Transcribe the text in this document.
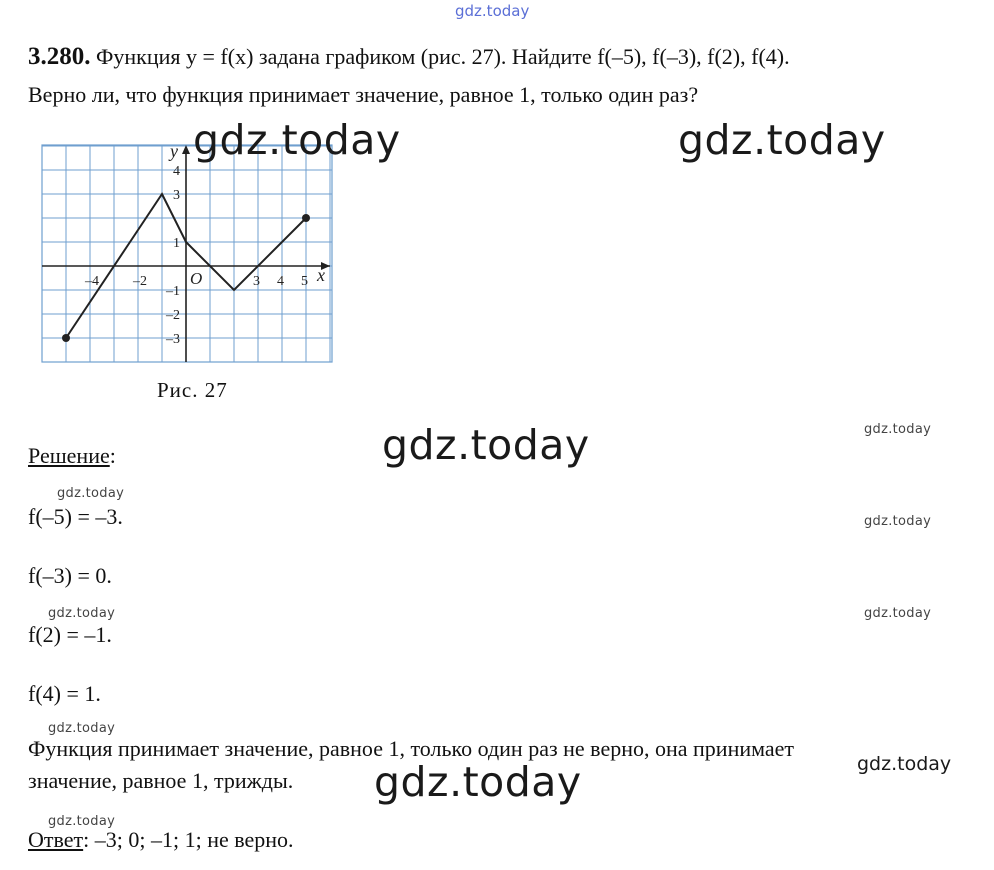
gdz.today
3.280. Функция y = f(x) задана графиком (рис. 27). Найдите f(–5), f(–3), f(2), f(4).
Верно ли, что функция принимает значение, равное 1, только один раз?
x
y
O
–4 –2	3 4 5
4
3
1
–1
–2
–3
Рис. 27
gdz.today	gdz.today
gdz.today
gdz.today
gdz.today
gdz.today
gdz.today
gdz.today	gdz.today
gdz.today
gdz.today
gdz.today
Решение:
f(–5) = –3.
f(–3) = 0.
f(2) = –1.
f(4) = 1.
Функция принимает значение, равное 1, только один раз не верно, она принимает
значение, равное 1, трижды.
Ответ: –3; 0; –1; 1; не верно.
